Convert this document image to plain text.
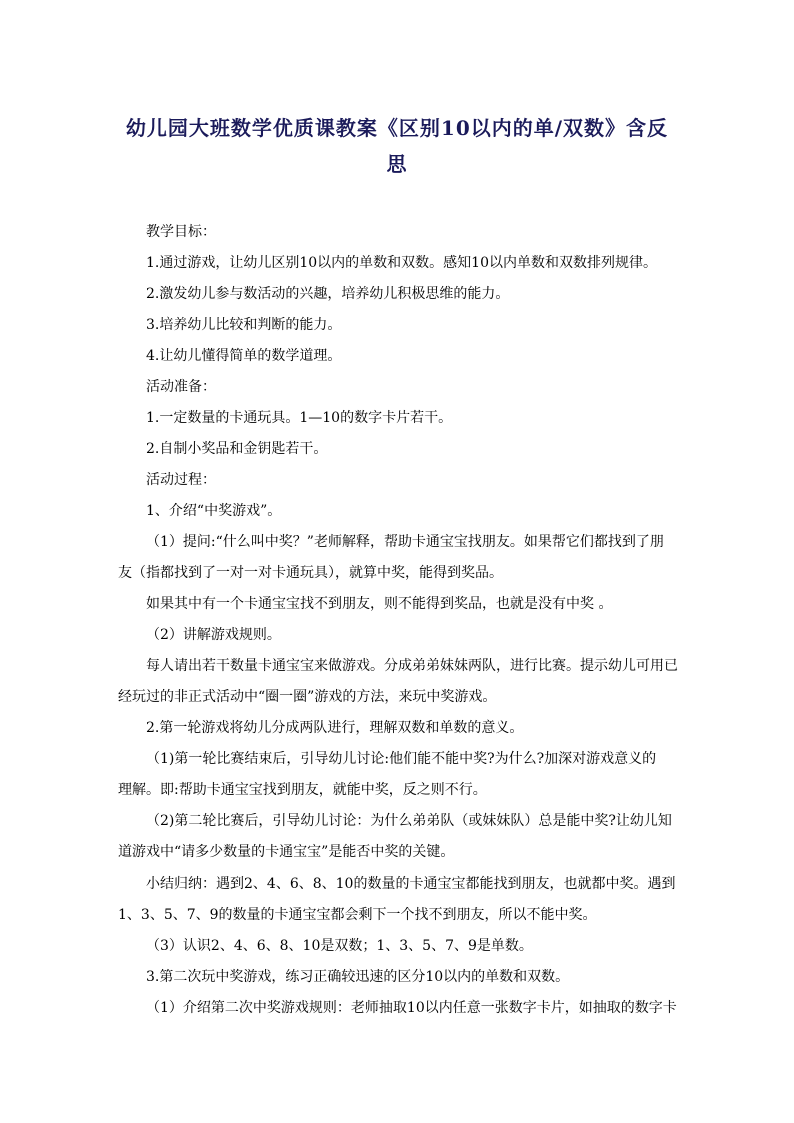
幼儿园大班数学优质课教案《区别10以内的单/双数》含反
思

教学目标：

1.通过游戏，让幼儿区别10以内的单数和双数。感知10以内单数和双数排列规律。

2.激发幼儿参与数活动的兴趣，培养幼儿积极思维的能力。

3.培养幼儿比较和判断的能力。

4.让幼儿懂得简单的数学道理。

活动准备：

1.一定数量的卡通玩具。1—10的数字卡片若干。

2.自制小奖品和金钥匙若干。

活动过程：

1、介绍“中奖游戏”。

（1）提问:“什么叫中奖？”老师解释，帮助卡通宝宝找朋友。如果帮它们都找到了朋

友（指都找到了一对一对卡通玩具），就算中奖，能得到奖品。

如果其中有一个卡通宝宝找不到朋友，则不能得到奖品，也就是没有中奖 。

（2）讲解游戏规则。

每人请出若干数量卡通宝宝来做游戏。分成弟弟妹妹两队，进行比赛。提示幼儿可用已

经玩过的非正式活动中“圈一圈”游戏的方法，来玩中奖游戏。

2.第一轮游戏将幼儿分成两队进行，理解双数和单数的意义。

（1)第一轮比赛结束后，引导幼儿讨论:他们能不能中奖?为什么?加深对游戏意义的

理解。即:帮助卡通宝宝找到朋友，就能中奖，反之则不行。

（2)第二轮比赛后，引导幼儿讨论：为什么弟弟队（或妹妹队）总是能中奖?让幼儿知

道游戏中“请多少数量的卡通宝宝”是能否中奖的关键。

小结归纳：遇到2、4、6、8、10的数量的卡通宝宝都能找到朋友，也就都中奖。遇到

1、3、5、7、9的数量的卡通宝宝都会剩下一个找不到朋友，所以不能中奖。

（3）认识2、4、6、8、10是双数；1、3、5、7、9是单数。

3.第二次玩中奖游戏，练习正确较迅速的区分10以内的单数和双数。

（1）介绍第二次中奖游戏规则：老师抽取10以内任意一张数字卡片，如抽取的数字卡
